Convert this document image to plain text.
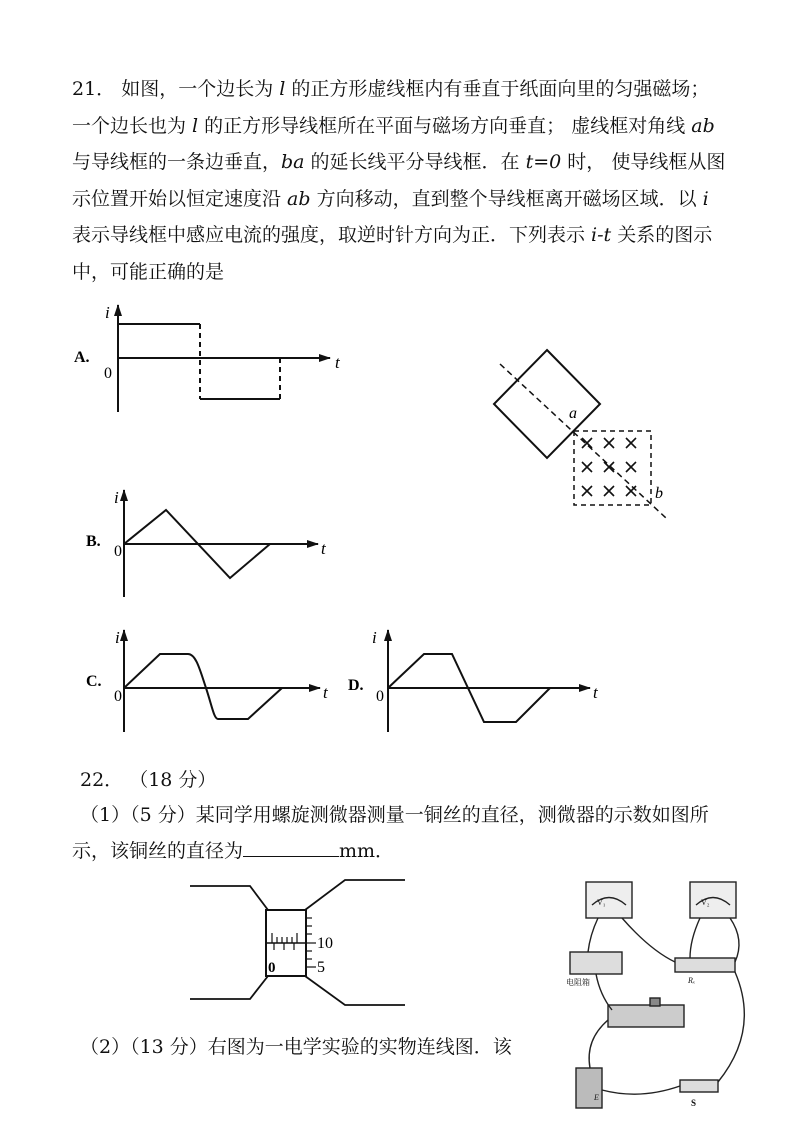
21． 如图，一个边长为 l 的正方形虚线框内有垂直于纸面向里的匀强磁场；
一个边长也为 l 的正方形导线框所在平面与磁场方向垂直； 虚线框对角线 ab
与导线框的一条边垂直，ba 的延长线平分导线框．在 t=0 时， 使导线框从图
示位置开始以恒定速度沿 ab 方向移动，直到整个导线框离开磁场区域．以 i
表示导线框中感应电流的强度，取逆时针方向为正．下列表示 i-t 关系的图示
中，可能正确的是
A.
i
t
0
B.
i
t
0
C.
i
t
0
D.
i
t
0
a
b
10
5
0
V₁	V₂
电阻箱	Rₓ
E
S
22． （18 分）
（1）（5 分）某同学用螺旋测微器测量一铜丝的直径，测微器的示数如图所
示，该铜丝的直径为	mm．
（2）（13 分）右图为一电学实验的实物连线图．该
